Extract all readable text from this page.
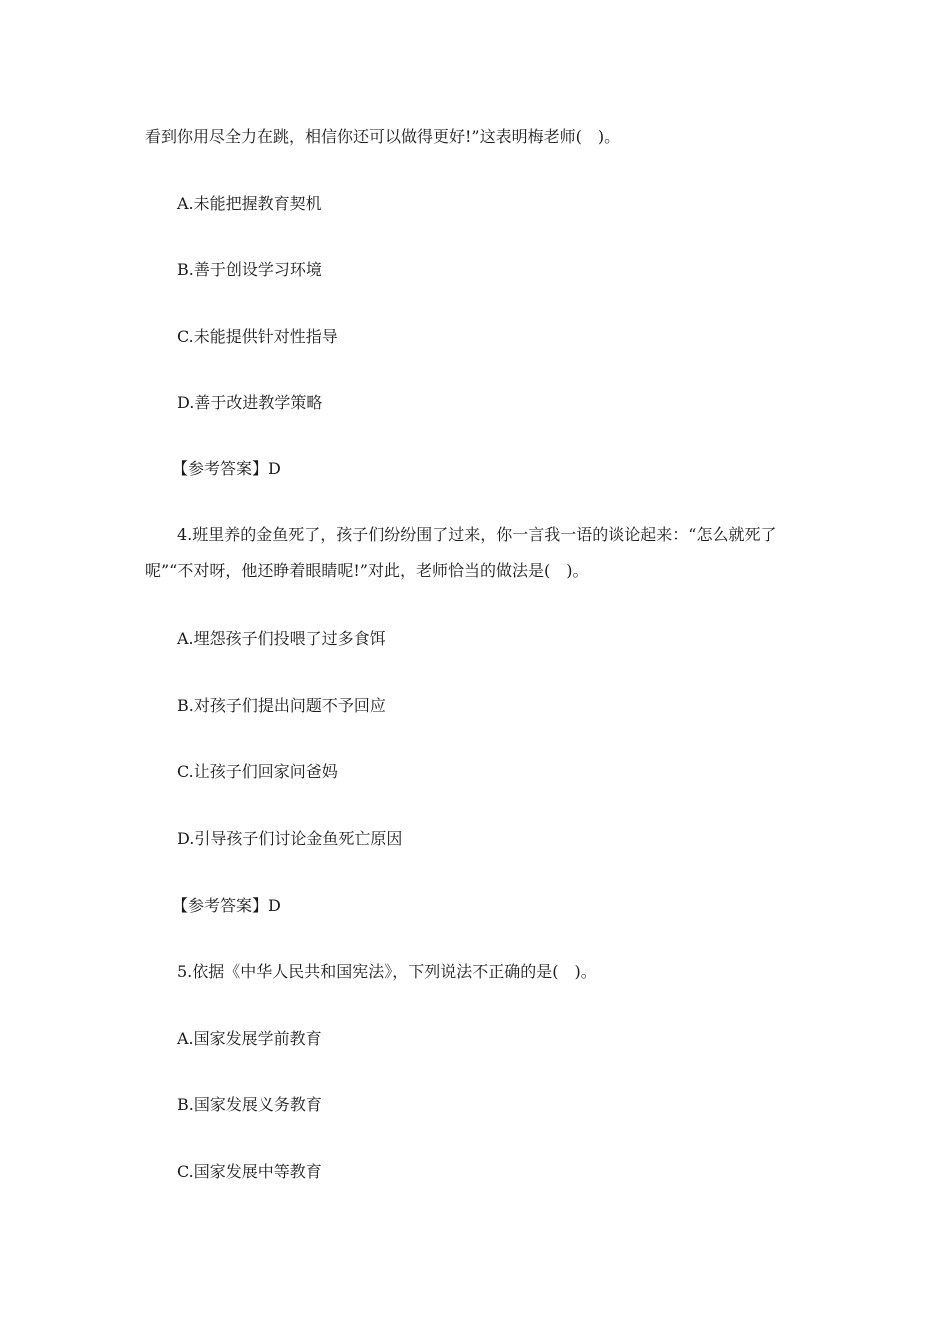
看到你用尽全力在跳，相信你还可以做得更好!”这表明梅老师(　)。
A.未能把握教育契机
B.善于创设学习环境
C.未能提供针对性指导
D.善于改进教学策略
【参考答案】D
4.班里养的金鱼死了，孩子们纷纷围了过来，你一言我一语的谈论起来：“怎么就死了
呢”“不对呀，他还睁着眼睛呢!”对此，老师恰当的做法是(　)。
A.埋怨孩子们投喂了过多食饵
B.对孩子们提出问题不予回应
C.让孩子们回家问爸妈
D.引导孩子们讨论金鱼死亡原因
【参考答案】D
5.依据《中华人民共和国宪法》，下列说法不正确的是(　)。
A.国家发展学前教育
B.国家发展义务教育
C.国家发展中等教育
